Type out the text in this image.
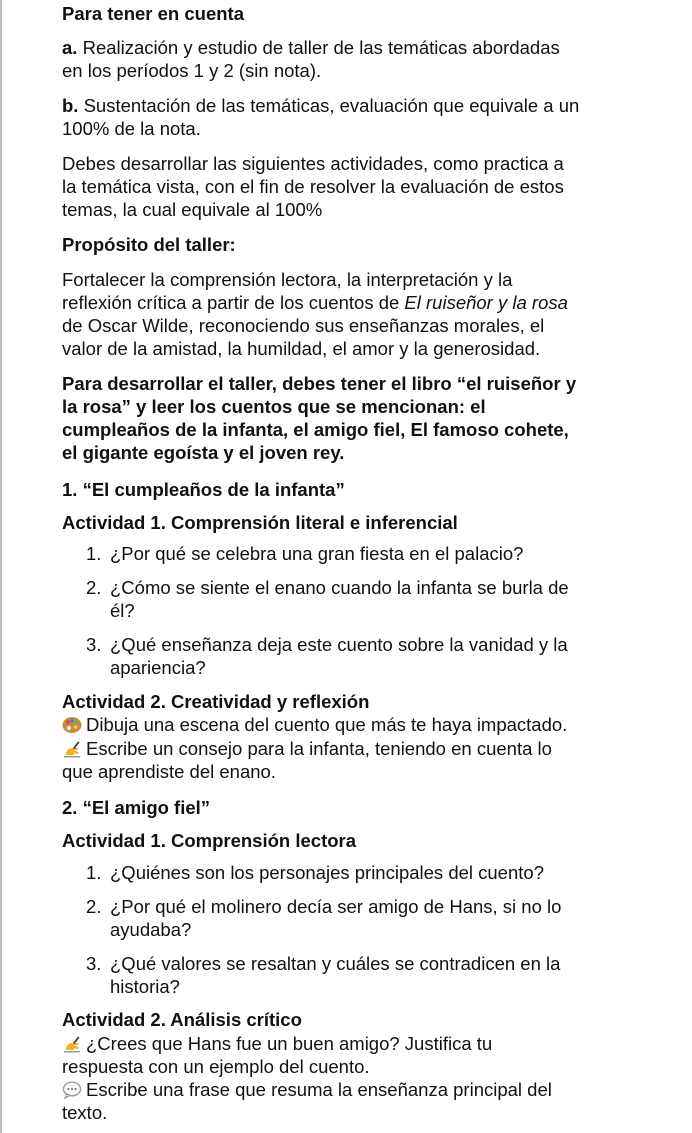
Para tener en cuenta
a. Realización y estudio de taller de las temáticas abordadas
en los períodos 1 y 2 (sin nota).
b. Sustentación de las temáticas, evaluación que equivale a un
100% de la nota.
Debes desarrollar las siguientes actividades, como practica a
la temática vista, con el fin de resolver la evaluación de estos
temas, la cual equivale al 100%
Propósito del taller:
Fortalecer la comprensión lectora, la interpretación y la
reflexión crítica a partir de los cuentos de El ruiseñor y la rosa
de Oscar Wilde, reconociendo sus enseñanzas morales, el
valor de la amistad, la humildad, el amor y la generosidad.
Para desarrollar el taller, debes tener el libro “el ruiseñor y
la rosa” y leer los cuentos que se mencionan: el
cumpleaños de la infanta, el amigo fiel, El famoso cohete,
el gigante egoísta y el joven rey.
1. “El cumpleaños de la infanta”
Actividad 1. Comprensión literal e inferencial
1. ¿Por qué se celebra una gran fiesta en el palacio?
2. ¿Cómo se siente el enano cuando la infanta se burla de
él?
3. ¿Qué enseñanza deja este cuento sobre la vanidad y la
apariencia?
Actividad 2. Creatividad y reflexión
Dibuja una escena del cuento que más te haya impactado.
Escribe un consejo para la infanta, teniendo en cuenta lo
que aprendiste del enano.
2. “El amigo fiel”
Actividad 1. Comprensión lectora
1. ¿Quiénes son los personajes principales del cuento?
2. ¿Por qué el molinero decía ser amigo de Hans, si no lo
ayudaba?
3. ¿Qué valores se resaltan y cuáles se contradicen en la
historia?
Actividad 2. Análisis crítico
¿Crees que Hans fue un buen amigo? Justifica tu
respuesta con un ejemplo del cuento.
Escribe una frase que resuma la enseñanza principal del
texto.
